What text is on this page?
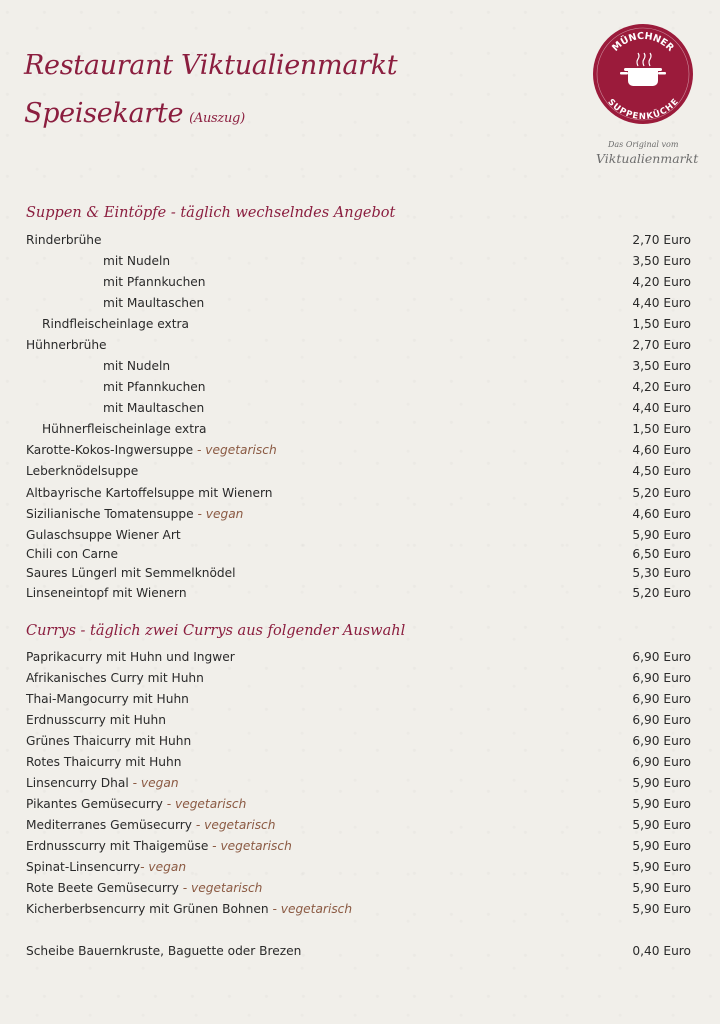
Restaurant Viktualienmarkt
Speisekarte (Auszug)
MÜNCHNER
SUPPENKÜCHE
Das Original vom
Viktualienmarkt
Suppen & Eintöpfe - täglich wechselndes Angebot
Rinderbrühe	2,70 Euro
mit Nudeln	3,50 Euro
mit Pfannkuchen	4,20 Euro
mit Maultaschen	4,40 Euro
Rindfleischeinlage extra	1,50 Euro
Hühnerbrühe	2,70 Euro
mit Nudeln	3,50 Euro
mit Pfannkuchen	4,20 Euro
mit Maultaschen	4,40 Euro
Hühnerfleischeinlage extra	1,50 Euro
Karotte-Kokos-Ingwersuppe - vegetarisch	4,60 Euro
Leberknödelsuppe	4,50 Euro
Altbayrische Kartoffelsuppe mit Wienern	5,20 Euro
Sizilianische Tomatensuppe - vegan	4,60 Euro
Gulaschsuppe Wiener Art	5,90 Euro
Chili con Carne	6,50 Euro
Saures Lüngerl mit Semmelknödel	5,30 Euro
Linseneintopf mit Wienern	5,20 Euro
Currys - täglich zwei Currys aus folgender Auswahl
Paprikacurry mit Huhn und Ingwer	6,90 Euro
Afrikanisches Curry mit Huhn	6,90 Euro
Thai-Mangocurry mit Huhn	6,90 Euro
Erdnusscurry mit Huhn	6,90 Euro
Grünes Thaicurry mit Huhn	6,90 Euro
Rotes Thaicurry mit Huhn	6,90 Euro
Linsencurry Dhal - vegan	5,90 Euro
Pikantes Gemüsecurry - vegetarisch	5,90 Euro
Mediterranes Gemüsecurry - vegetarisch	5,90 Euro
Erdnusscurry mit Thaigemüse - vegetarisch	5,90 Euro
Spinat-Linsencurry- vegan	5,90 Euro
Rote Beete Gemüsecurry - vegetarisch	5,90 Euro
Kicherberbsencurry mit Grünen Bohnen - vegetarisch	5,90 Euro
Scheibe Bauernkruste, Baguette oder Brezen	0,40 Euro
